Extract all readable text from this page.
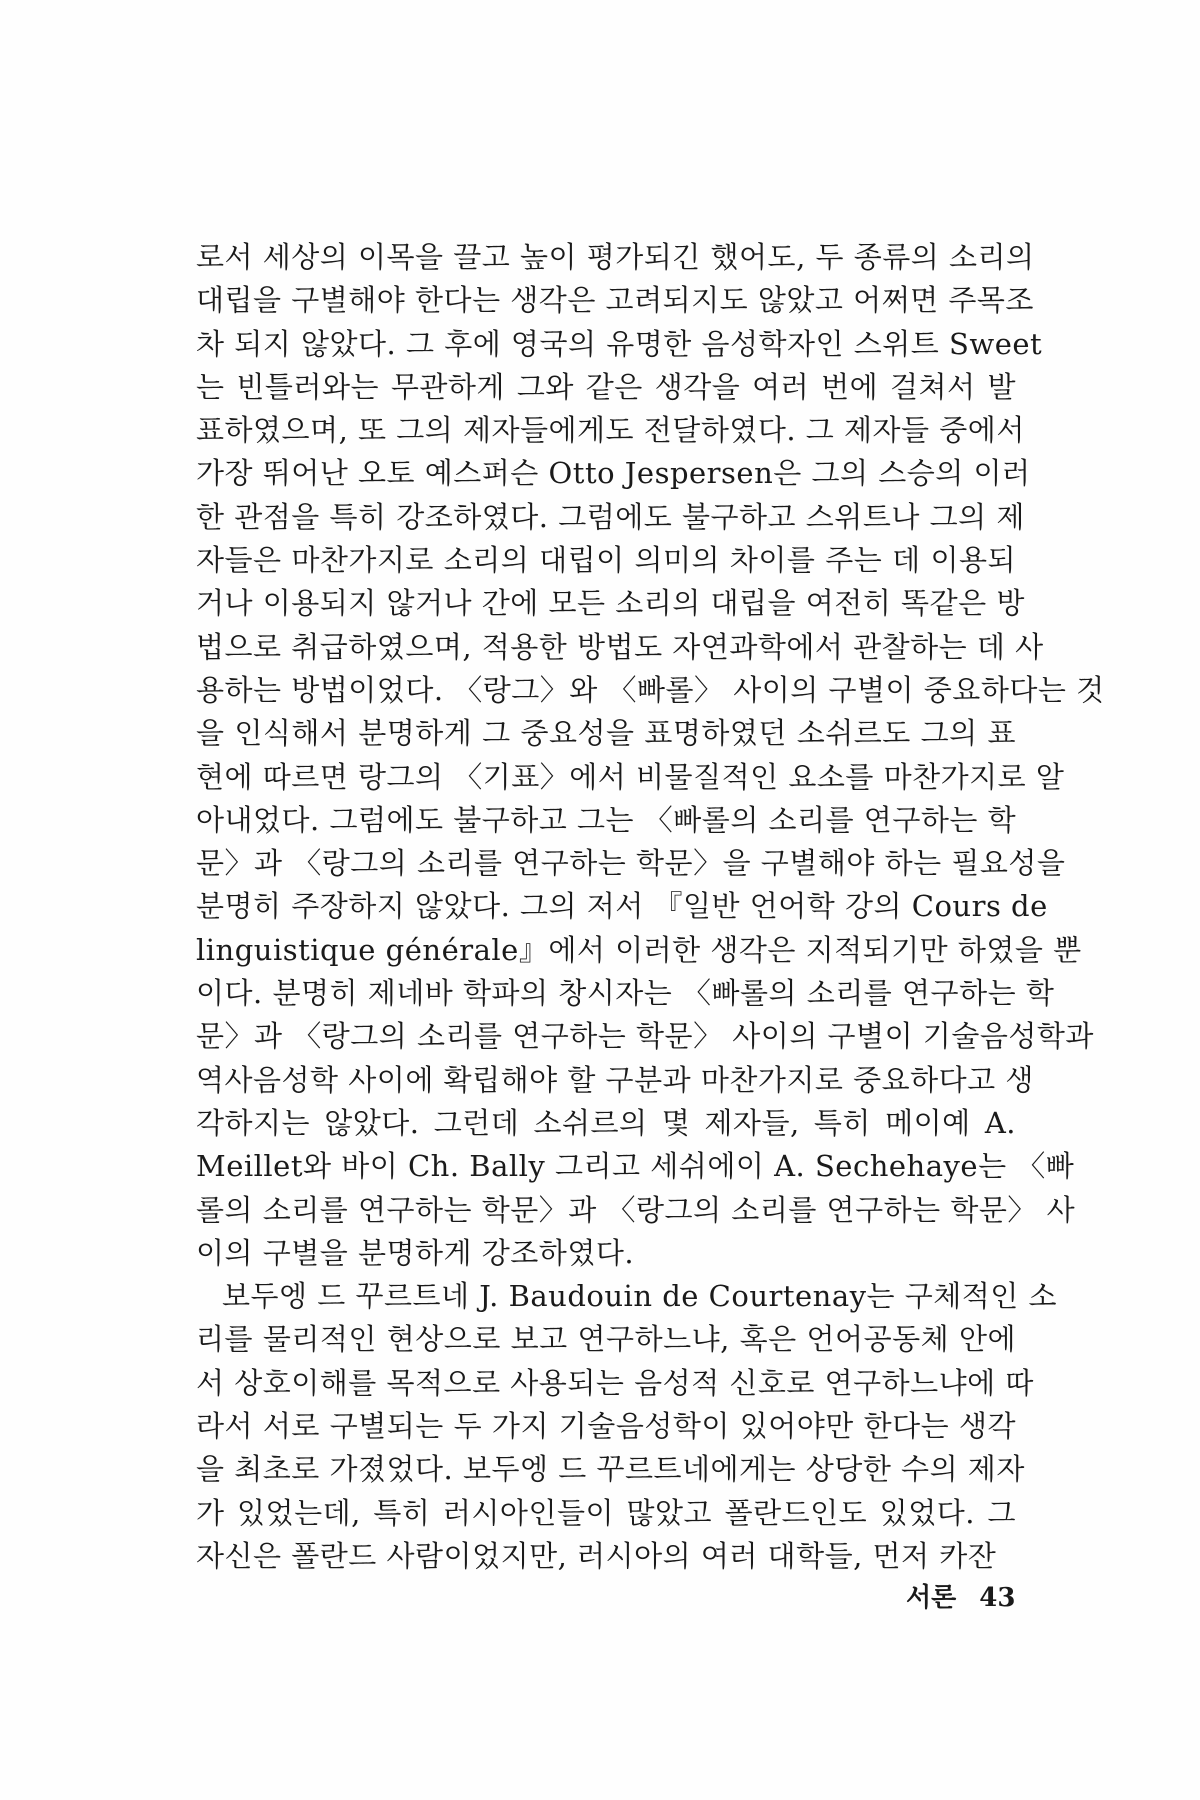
로서 세상의 이목을 끌고 높이 평가되긴 했어도, 두 종류의 소리의
대립을 구별해야 한다는 생각은 고려되지도 않았고 어쩌면 주목조
차 되지 않았다. 그 후에 영국의 유명한 음성학자인 스위트 Sweet
는 빈틀러와는 무관하게 그와 같은 생각을 여러 번에 걸쳐서 발
표하였으며, 또 그의 제자들에게도 전달하였다. 그 제자들 중에서
가장 뛰어난 오토 예스퍼슨 Otto Jespersen은 그의 스승의 이러
한 관점을 특히 강조하였다. 그럼에도 불구하고 스위트나 그의 제
자들은 마찬가지로 소리의 대립이 의미의 차이를 주는 데 이용되
거나 이용되지 않거나 간에 모든 소리의 대립을 여전히 똑같은 방
법으로 취급하였으며, 적용한 방법도 자연과학에서 관찰하는 데 사
용하는 방법이었다. 〈랑그〉와 〈빠롤〉 사이의 구별이 중요하다는 것
을 인식해서 분명하게 그 중요성을 표명하였던 소쉬르도 그의 표
현에 따르면 랑그의 〈기표〉에서 비물질적인 요소를 마찬가지로 알
아내었다. 그럼에도 불구하고 그는 〈빠롤의 소리를 연구하는 학
문〉과 〈랑그의 소리를 연구하는 학문〉을 구별해야 하는 필요성을
분명히 주장하지 않았다. 그의 저서 『일반 언어학 강의 Cours de
linguistique générale』에서 이러한 생각은 지적되기만 하였을 뿐
이다. 분명히 제네바 학파의 창시자는 〈빠롤의 소리를 연구하는 학
문〉과 〈랑그의 소리를 연구하는 학문〉 사이의 구별이 기술음성학과
역사음성학 사이에 확립해야 할 구분과 마찬가지로 중요하다고 생
각하지는 않았다. 그런데 소쉬르의 몇 제자들, 특히 메이예 A.
Meillet와 바이 Ch. Bally 그리고 세쉬에이 A. Sechehaye는 〈빠
롤의 소리를 연구하는 학문〉과 〈랑그의 소리를 연구하는 학문〉 사
이의 구별을 분명하게 강조하였다.
보두엥 드 꾸르트네 J. Baudouin de Courtenay는 구체적인 소
리를 물리적인 현상으로 보고 연구하느냐, 혹은 언어공동체 안에
서 상호이해를 목적으로 사용되는 음성적 신호로 연구하느냐에 따
라서 서로 구별되는 두 가지 기술음성학이 있어야만 한다는 생각
을 최초로 가졌었다. 보두엥 드 꾸르트네에게는 상당한 수의 제자
가 있었는데, 특히 러시아인들이 많았고 폴란드인도 있었다. 그
자신은 폴란드 사람이었지만, 러시아의 여러 대학들, 먼저 카잔
서론 43
